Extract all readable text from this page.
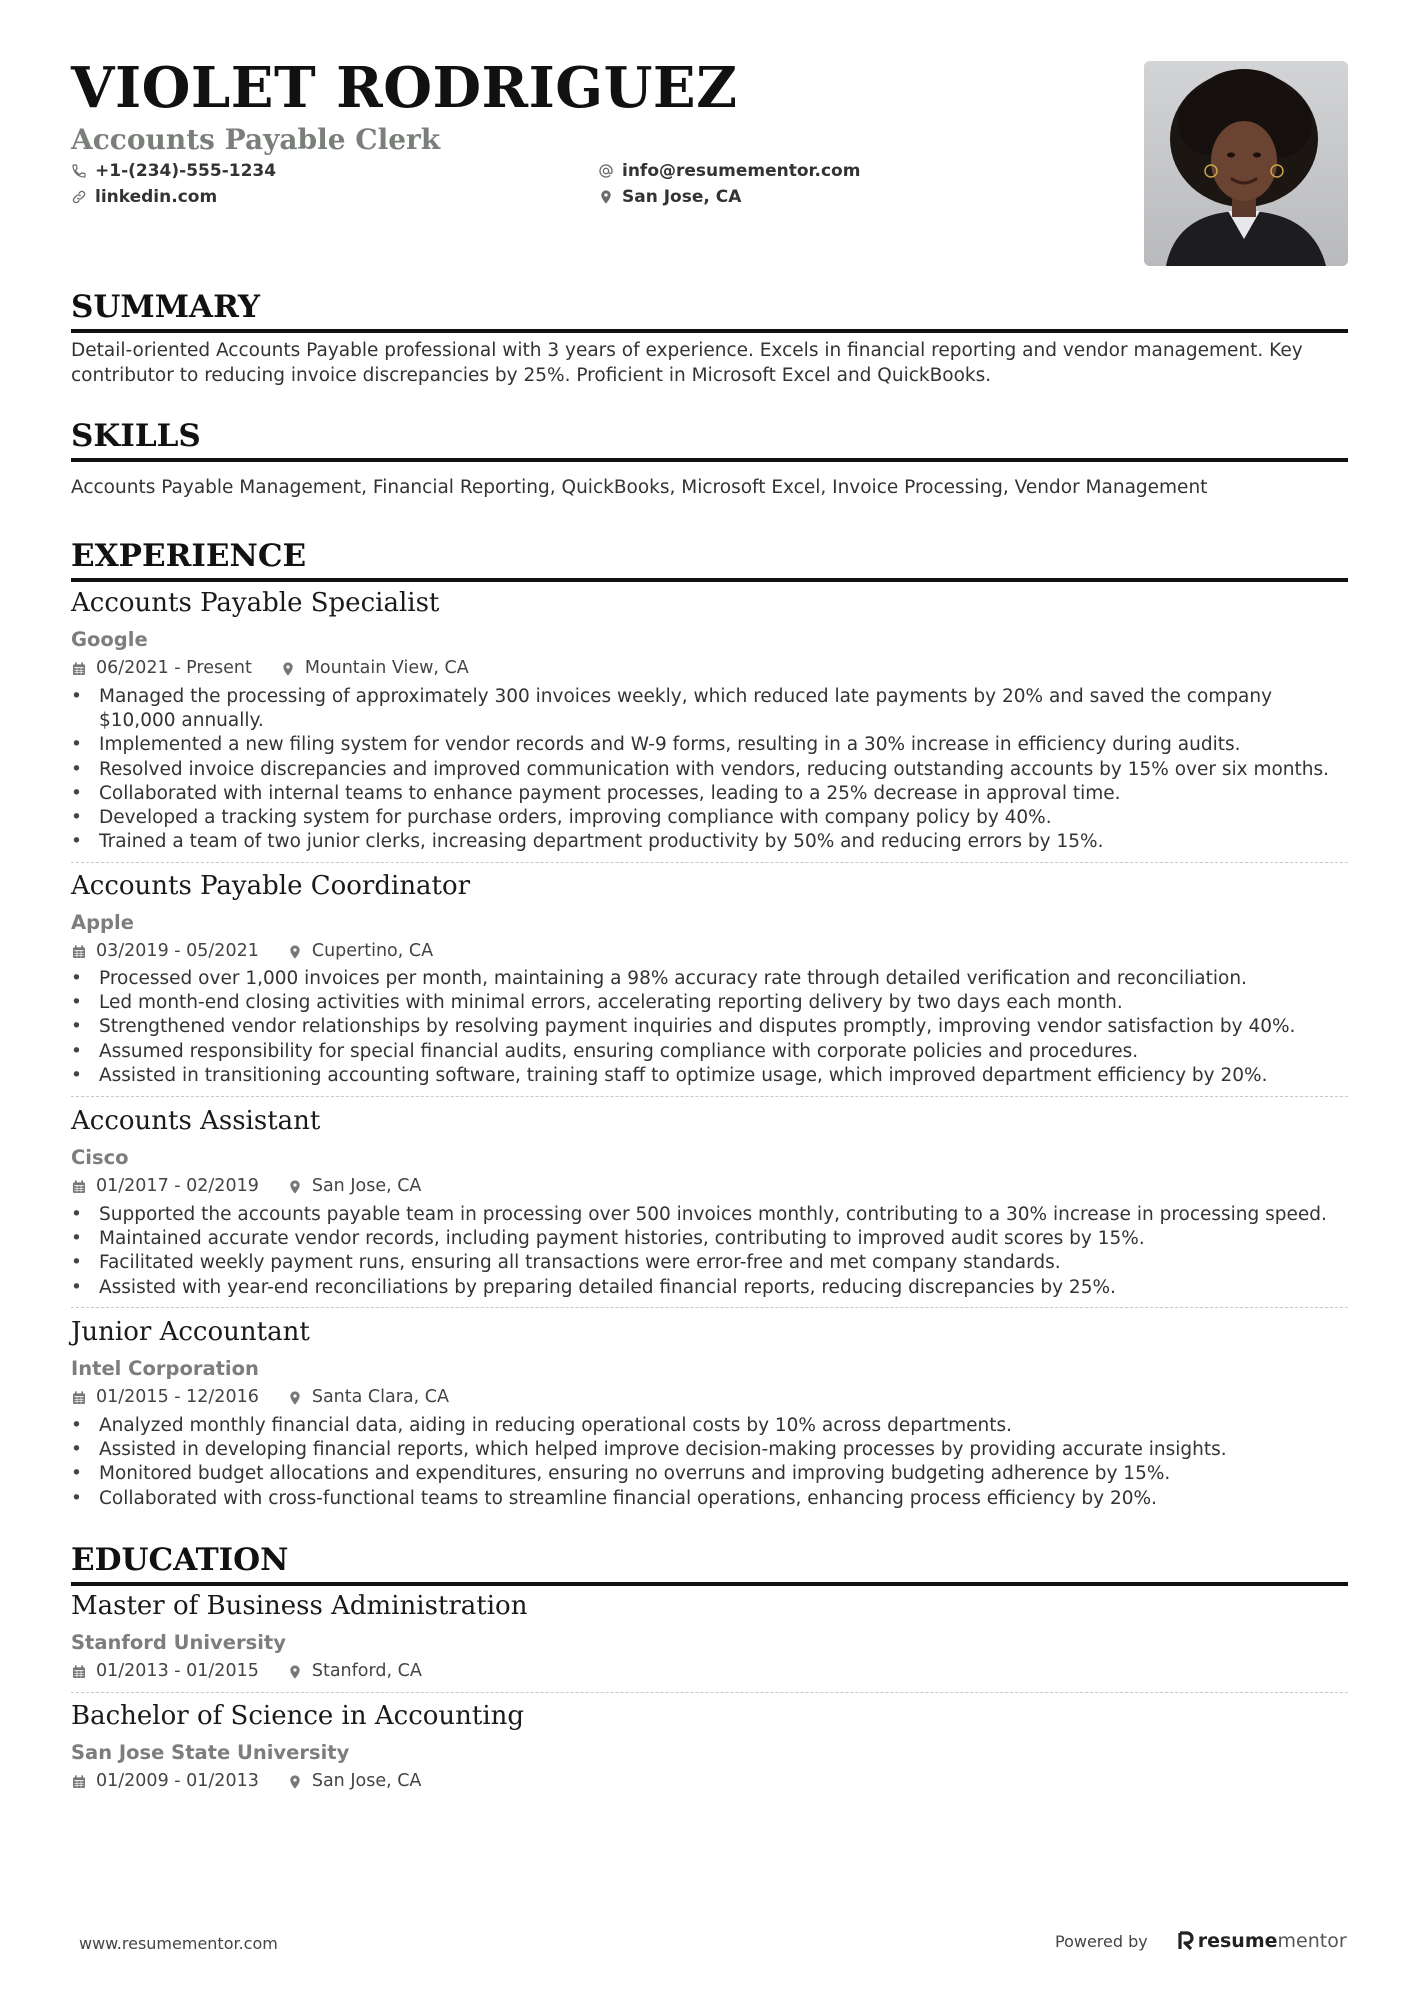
VIOLET RODRIGUEZ
Accounts Payable Clerk
+1-(234)-555-1234
linkedin.com
info@resumementor.com
San Jose, CA
SUMMARY
Detail-oriented Accounts Payable professional with 3 years of experience. Excels in financial reporting and vendor management. Key contributor to reducing invoice discrepancies by 25%. Proficient in Microsoft Excel and QuickBooks.
SKILLS
Accounts Payable Management, Financial Reporting, QuickBooks, Microsoft Excel, Invoice Processing, Vendor Management
EXPERIENCE
Accounts Payable Specialist
Google
06/2021 - Present	Mountain View, CA
• Managed the processing of approximately 300 invoices weekly, which reduced late payments by 20% and saved the company $10,000 annually.
• Implemented a new filing system for vendor records and W-9 forms, resulting in a 30% increase in efficiency during audits.
• Resolved invoice discrepancies and improved communication with vendors, reducing outstanding accounts by 15% over six months.
• Collaborated with internal teams to enhance payment processes, leading to a 25% decrease in approval time.
• Developed a tracking system for purchase orders, improving compliance with company policy by 40%.
• Trained a team of two junior clerks, increasing department productivity by 50% and reducing errors by 15%.
Accounts Payable Coordinator
Apple
03/2019 - 05/2021	Cupertino, CA
• Processed over 1,000 invoices per month, maintaining a 98% accuracy rate through detailed verification and reconciliation.
• Led month-end closing activities with minimal errors, accelerating reporting delivery by two days each month.
• Strengthened vendor relationships by resolving payment inquiries and disputes promptly, improving vendor satisfaction by 40%.
• Assumed responsibility for special financial audits, ensuring compliance with corporate policies and procedures.
• Assisted in transitioning accounting software, training staff to optimize usage, which improved department efficiency by 20%.
Accounts Assistant
Cisco
01/2017 - 02/2019	San Jose, CA
• Supported the accounts payable team in processing over 500 invoices monthly, contributing to a 30% increase in processing speed.
• Maintained accurate vendor records, including payment histories, contributing to improved audit scores by 15%.
• Facilitated weekly payment runs, ensuring all transactions were error-free and met company standards.
• Assisted with year-end reconciliations by preparing detailed financial reports, reducing discrepancies by 25%.
Junior Accountant
Intel Corporation
01/2015 - 12/2016	Santa Clara, CA
• Analyzed monthly financial data, aiding in reducing operational costs by 10% across departments.
• Assisted in developing financial reports, which helped improve decision-making processes by providing accurate insights.
• Monitored budget allocations and expenditures, ensuring no overruns and improving budgeting adherence by 15%.
• Collaborated with cross-functional teams to streamline financial operations, enhancing process efficiency by 20%.
EDUCATION
Master of Business Administration
Stanford University
01/2013 - 01/2015	Stanford, CA
Bachelor of Science in Accounting
San Jose State University
01/2009 - 01/2013	San Jose, CA
www.resumementor.com	Powered by	resume mentor
